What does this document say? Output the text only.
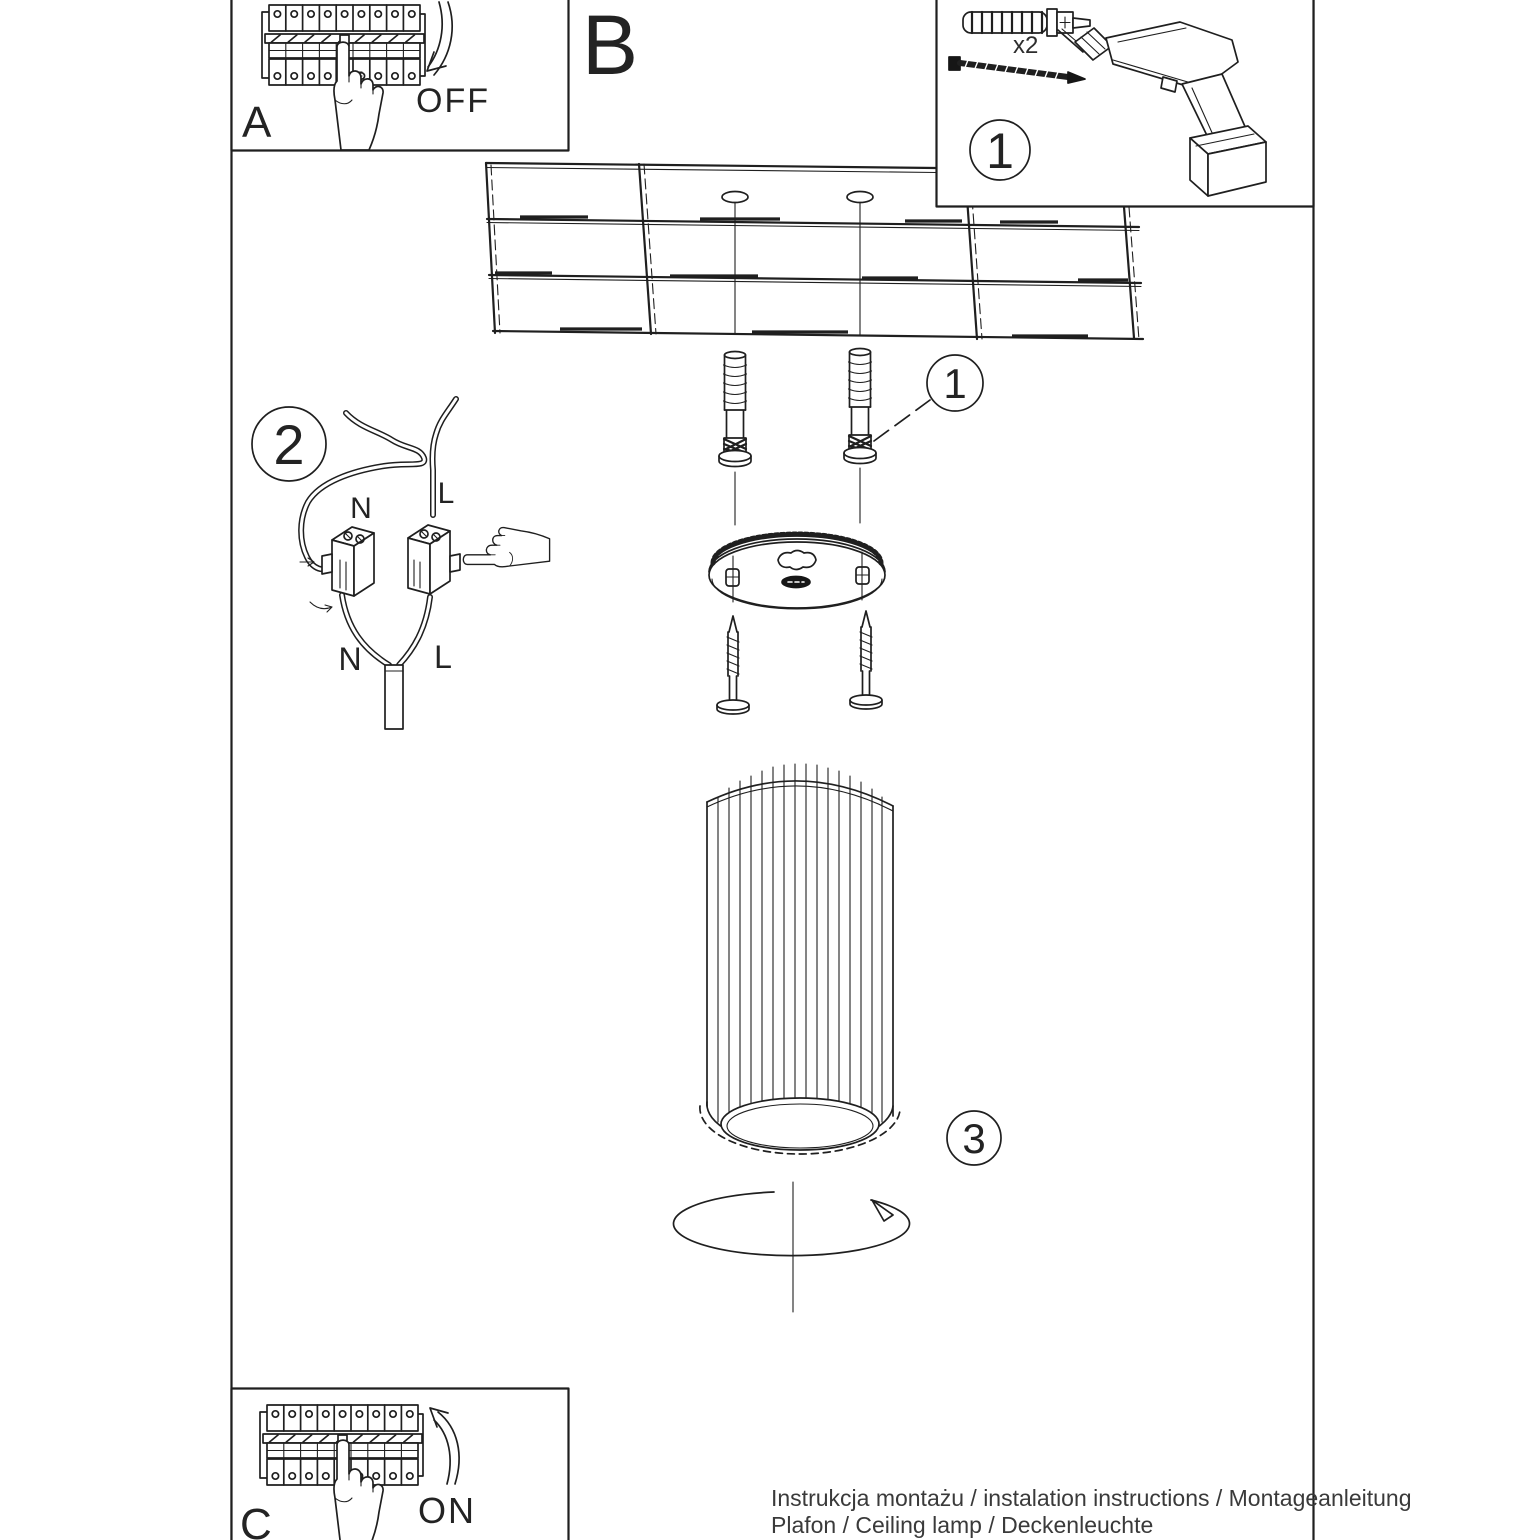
OFF
A
B	x2
1
1
2
N L
N L
3
ON
C
Instrukcja montażu / instalation instructions / Montageanleitung
Plafon / Ceiling lamp / Deckenleuchte
